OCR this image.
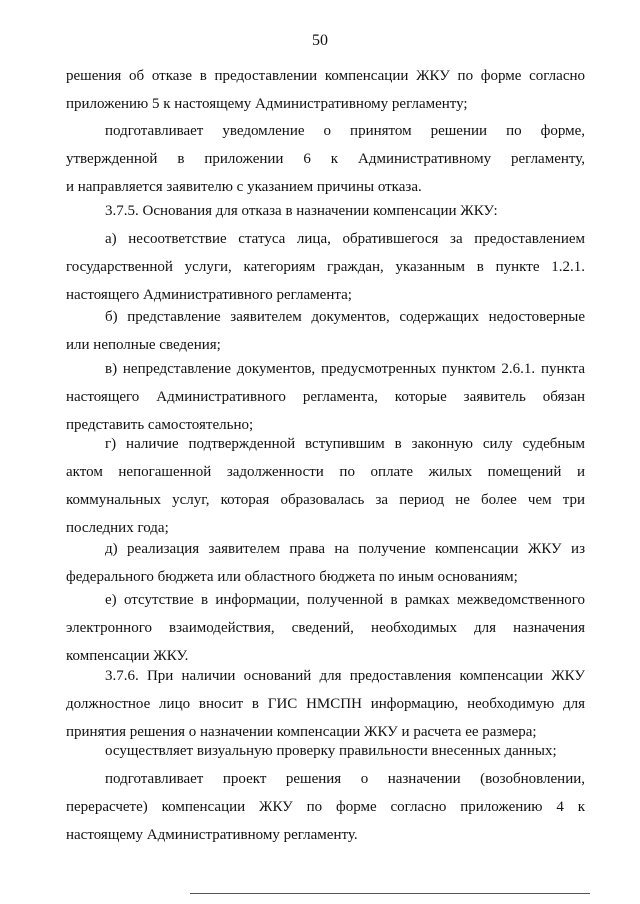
50
решения об отказе в предоставлении компенсации ЖКУ по форме согласно
приложению 5 к настоящему Административному регламенту;
подготавливает уведомление о принятом решении по форме,
утвержденной в приложении 6 к Административному регламенту,
и направляется заявителю с указанием причины отказа.
3.7.5. Основания для отказа в назначении компенсации ЖКУ:
а) несоответствие статуса лица, обратившегося за предоставлением
государственной услуги, категориям граждан, указанным в пункте 1.2.1.
настоящего Административного регламента;
б) представление заявителем документов, содержащих недостоверные
или неполные сведения;
в) непредставление документов, предусмотренных пунктом 2.6.1. пункта
настоящего Административного регламента, которые заявитель обязан
представить самостоятельно;
г) наличие подтвержденной вступившим в законную силу судебным
актом непогашенной задолженности по оплате жилых помещений и
коммунальных услуг, которая образовалась за период не более чем три
последних года;
д) реализация заявителем права на получение компенсации ЖКУ из
федерального бюджета или областного бюджета по иным основаниям;
е) отсутствие в информации, полученной в рамках межведомственного
электронного взаимодействия, сведений, необходимых для назначения
компенсации ЖКУ.
3.7.6. При наличии оснований для предоставления компенсации ЖКУ
должностное лицо вносит в ГИС НМСПН информацию, необходимую для
принятия решения о назначении компенсации ЖКУ и расчета ее размера;
осуществляет визуальную проверку правильности внесенных данных;
подготавливает проект решения о назначении (возобновлении,
перерасчете) компенсации ЖКУ по форме согласно приложению 4 к
настоящему Административному регламенту.
